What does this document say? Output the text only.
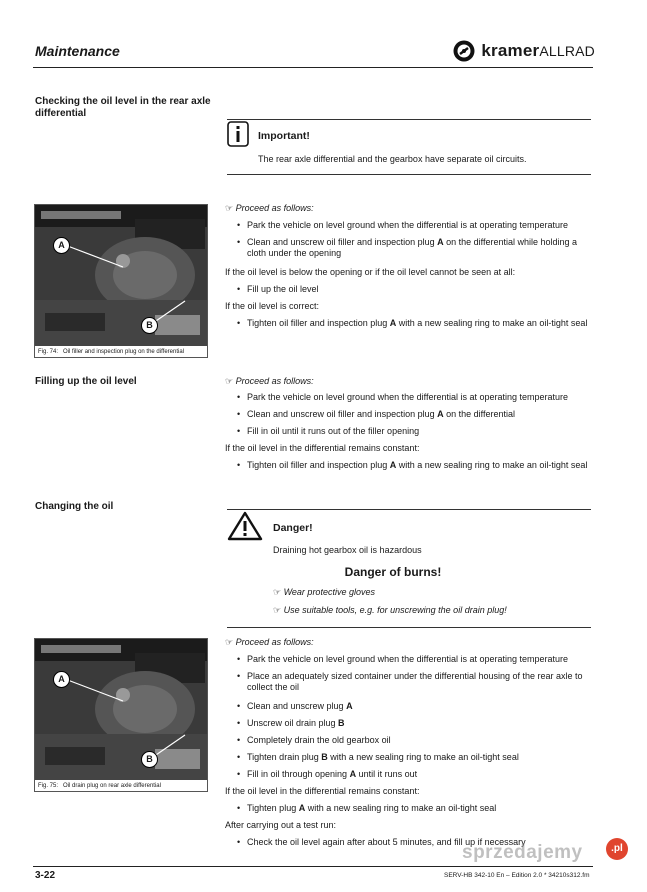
Maintenance	kramerALLRAD
Checking the oil level in the rear axle differential
Important!
The rear axle differential and the gearbox have separate oil circuits.
A
B
Fig. 74: Oil filler and inspection plug on the differential
☞ Proceed as follows:
• Park the vehicle on level ground when the differential is at operating temperature
• Clean and unscrew oil filler and inspection plug A on the differential while holding a cloth under the opening
If the oil level is below the opening or if the oil level cannot be seen at all:
• Fill up the oil level
If the oil level is correct:
• Tighten oil filler and inspection plug A with a new sealing ring to make an oil-tight seal
Filling up the oil level	☞ Proceed as follows:
• Park the vehicle on level ground when the differential is at operating temperature
• Clean and unscrew oil filler and inspection plug A on the differential
• Fill in oil until it runs out of the filler opening
If the oil level in the differential remains constant:
• Tighten oil filler and inspection plug A with a new sealing ring to make an oil-tight seal
Changing the oil
Danger!
Draining hot gearbox oil is hazardous
Danger of burns!
☞ Wear protective gloves
☞ Use suitable tools, e.g. for unscrewing the oil drain plug!
A
B
Fig. 75: Oil drain plug on rear axle differential
☞ Proceed as follows:
• Park the vehicle on level ground when the differential is at operating temperature
• Place an adequately sized container under the differential housing of the rear axle to collect the oil
• Clean and unscrew plug A
• Unscrew oil drain plug B
• Completely drain the old gearbox oil
• Tighten drain plug B with a new sealing ring to make an oil-tight seal
• Fill in oil through opening A until it runs out
If the oil level in the differential remains constant:
• Tighten plug A with a new sealing ring to make an oil-tight seal
After carrying out a test run:
• Check the oil level again after about 5 minutes, and fill up if necessary
3-22	SERV-HB 342-10 En – Edition 2.0 * 34210s312.fm
sprzedajemy	.pl
